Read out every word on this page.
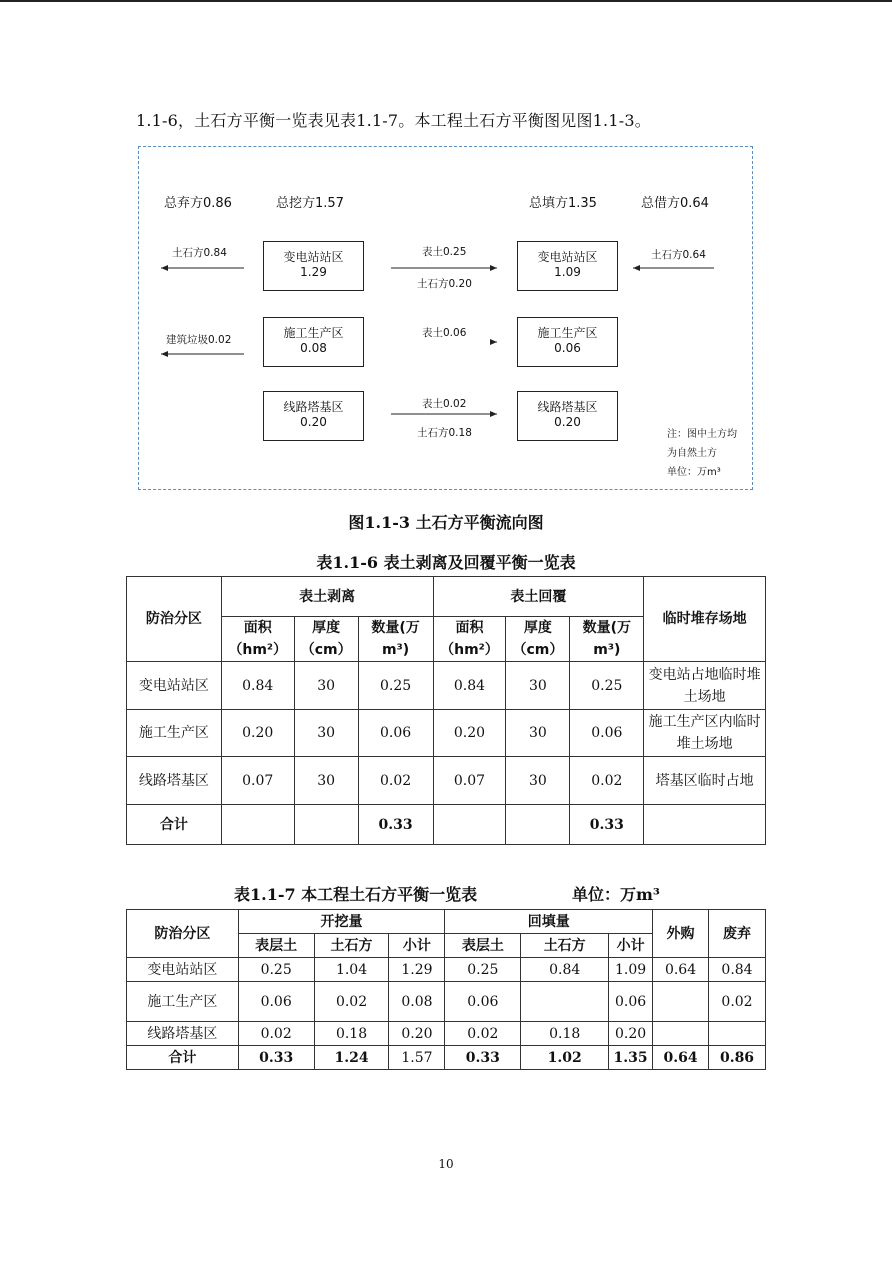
1.1-6，土石方平衡一览表见表1.1-7。本工程土石方平衡图见图1.1-3。
总弃方0.86	总挖方1.57	总填方1.35	总借方0.64
土石方0.84
建筑垃圾0.02
土石方0.64
变电站站区
1.29
施工生产区
0.08
线路塔基区
0.20
变电站站区
1.09
施工生产区
0.06
线路塔基区
0.20
表土0.25
土石方0.20
表土0.06
表土0.02
土石方0.18	注：图中土方均
为自然土方
单位：万m³
图1.1-3 土石方平衡流向图
表1.1-6 表土剥离及回覆平衡一览表
防治分区	表土剥离			表土回覆			临时堆存场地
	面积（hm²）	厚度（cm）	数量(万m³)	面积（hm²）	厚度（cm）	数量(万m³)	
变电站站区	0.84	30	0.25	0.84	30	0.25	变电站占地临时堆土场地
施工生产区	0.20	30	0.06	0.20	30	0.06	施工生产区内临时堆土场地
线路塔基区	0.07	30	0.02	0.07	30	0.02	塔基区临时占地
合计			0.33			0.33	
表1.1-7 本工程土石方平衡一览表	单位：万m³
防治分区	开挖量			回填量			外购	废弃
	表层土	土石方	小计	表层土	土石方	小计		
变电站站区	0.25	1.04	1.29	0.25	0.84	1.09	0.64	0.84
施工生产区	0.06	0.02	0.08	0.06		0.06		0.02
线路塔基区	0.02	0.18	0.20	0.02	0.18	0.20		
合计	0.33	1.24	1.57	0.33	1.02	1.35	0.64	0.86
10
